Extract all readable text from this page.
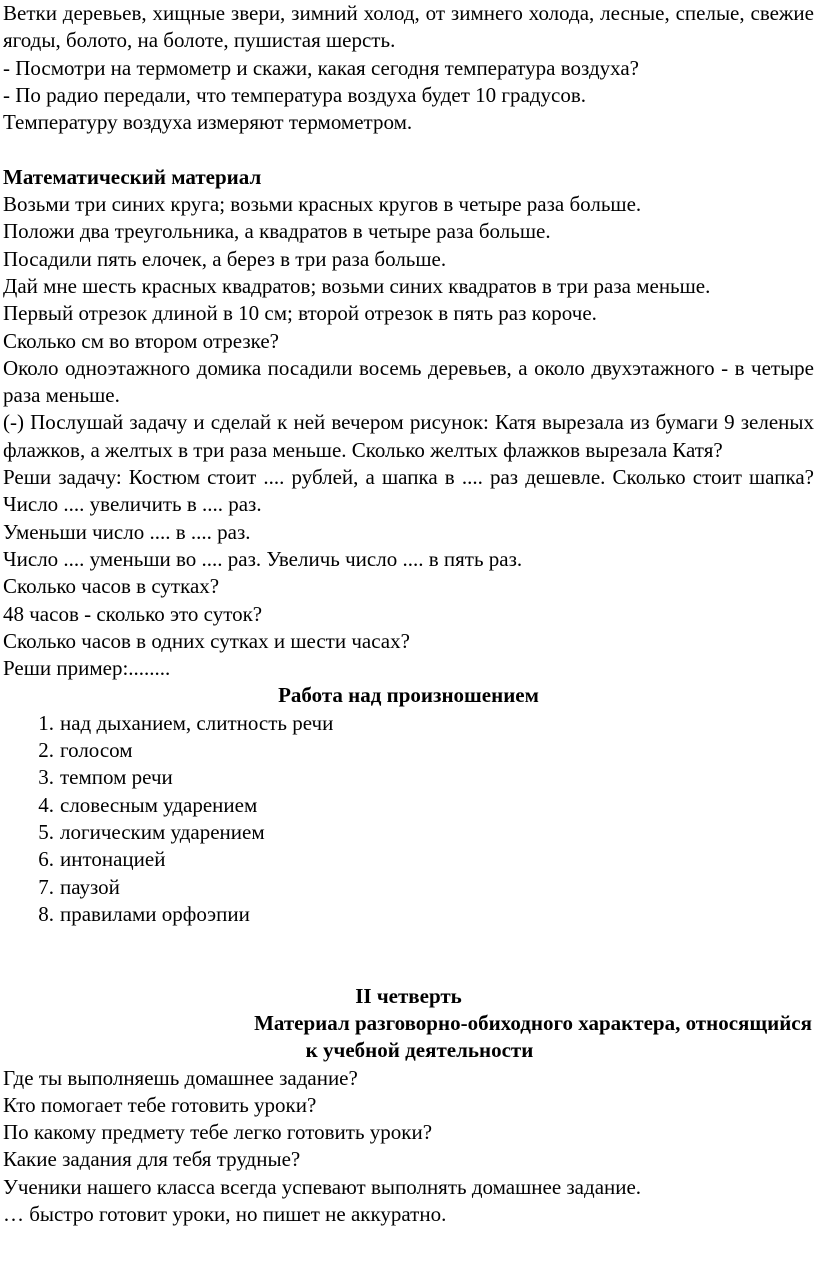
Ветки деревьев, хищные звери, зимний холод, от зимнего холода, лесные, спелые, свежие ягоды, болото, на болоте, пушистая шерсть.

- Посмотри на термометр и скажи, какая сегодня температура воздуха?

- По радио передали, что температура воздуха будет 10 градусов.

Температуру воздуха измеряют термометром.

Математический материал

Возьми три синих круга; возьми красных кругов в четыре раза больше.

Положи два треугольника, а квадратов в четыре раза больше.

Посадили пять елочек, а берез в три раза больше.

Дай мне шесть красных квадратов; возьми синих квадратов в три раза меньше.

Первый отрезок длиной в 10 см; второй отрезок в пять раз короче.

Сколько см во втором отрезке?

Около одноэтажного домика посадили восемь деревьев, а около двухэтажного - в четыре раза меньше.

(-) Послушай задачу и сделай к ней вечером рисунок: Катя вырезала из бумаги 9 зеленых флажков, а желтых в три раза меньше. Сколько желтых флажков вырезала Катя?

Реши задачу: Костюм стоит .... рублей, а шапка в .... раз дешевле. Сколько стоит шапка? Число .... увеличить в .... раз.

Уменьши число .... в .... раз.

Число .... уменьши во .... раз. Увеличь число .... в пять раз.

Сколько часов в сутках?

48 часов - сколько это суток?

Сколько часов в одних сутках и шести часах?

Реши пример:........

Работа над произношением

1. над дыханием, слитность речи
2. голосом
3. темпом речи
4. словесным ударением
5. логическим ударением
6. интонацией
7. паузой
8. правилами орфоэпии

II четверть

Материал разговорно-обиходного характера, относящийся

к учебной деятельности

Где ты выполняешь домашнее задание?

Кто помогает тебе готовить уроки?

По какому предмету тебе легко готовить уроки?

Какие задания для тебя трудные?

Ученики нашего класса всегда успевают выполнять домашнее задание.

… быстро готовит уроки, но пишет не аккуратно.
